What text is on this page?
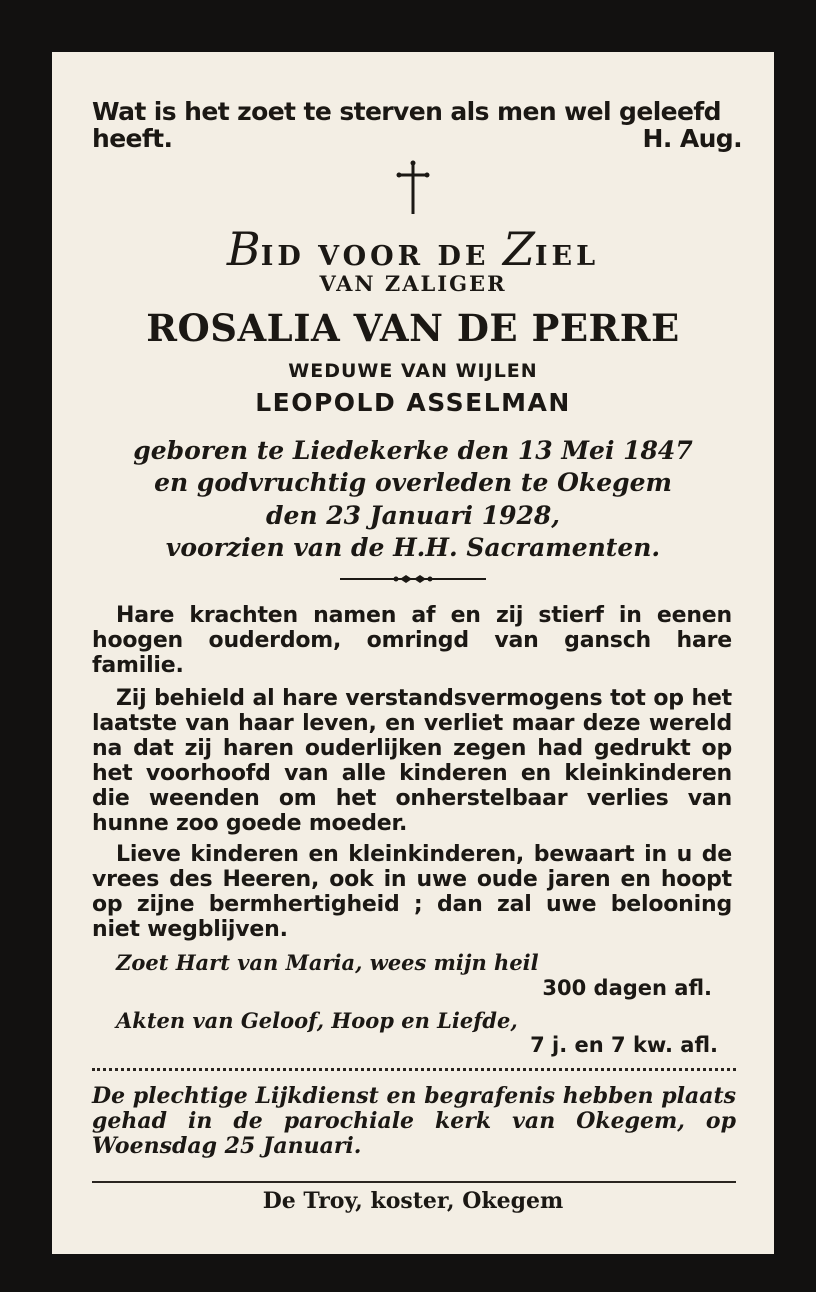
Wat is het zoet te sterven als men wel geleefd
heeft.	H. Aug.
BID VOOR DE ZIEL
VAN ZALIGER
ROSALIA VAN DE PERRE
WEDUWE VAN WIJLEN
LEOPOLD ASSELMAN
geboren te Liedekerke den 13 Mei 1847
en godvruchtig overleden te Okegem
den 23 Januari 1928,
voorzien van de H.H. Sacramenten.
Hare krachten namen af en zij stierf in eenen hoogen ouderdom, omringd van gansch hare familie.
Zij behield al hare verstandsvermogens tot op het laatste van haar leven, en verliet maar deze wereld na dat zij haren ouderlijken zegen had gedrukt op het voorhoofd van alle kinderen en kleinkinderen die weenden om het onherstelbaar verlies van hunne zoo goede moeder.
Lieve kinderen en kleinkinderen, bewaart in u de vrees des Heeren, ook in uwe oude jaren en hoopt op zijne bermhertigheid ; dan zal uwe belooning niet wegblijven.
Zoet Hart van Maria, wees mijn heil
300 dagen afl.
Akten van Geloof, Hoop en Liefde,
7 j. en 7 kw. afl.
De plechtige Lijkdienst en begrafenis hebben plaats gehad in de parochiale kerk van Okegem, op Woensdag 25 Januari.
De Troy, koster, Okegem
